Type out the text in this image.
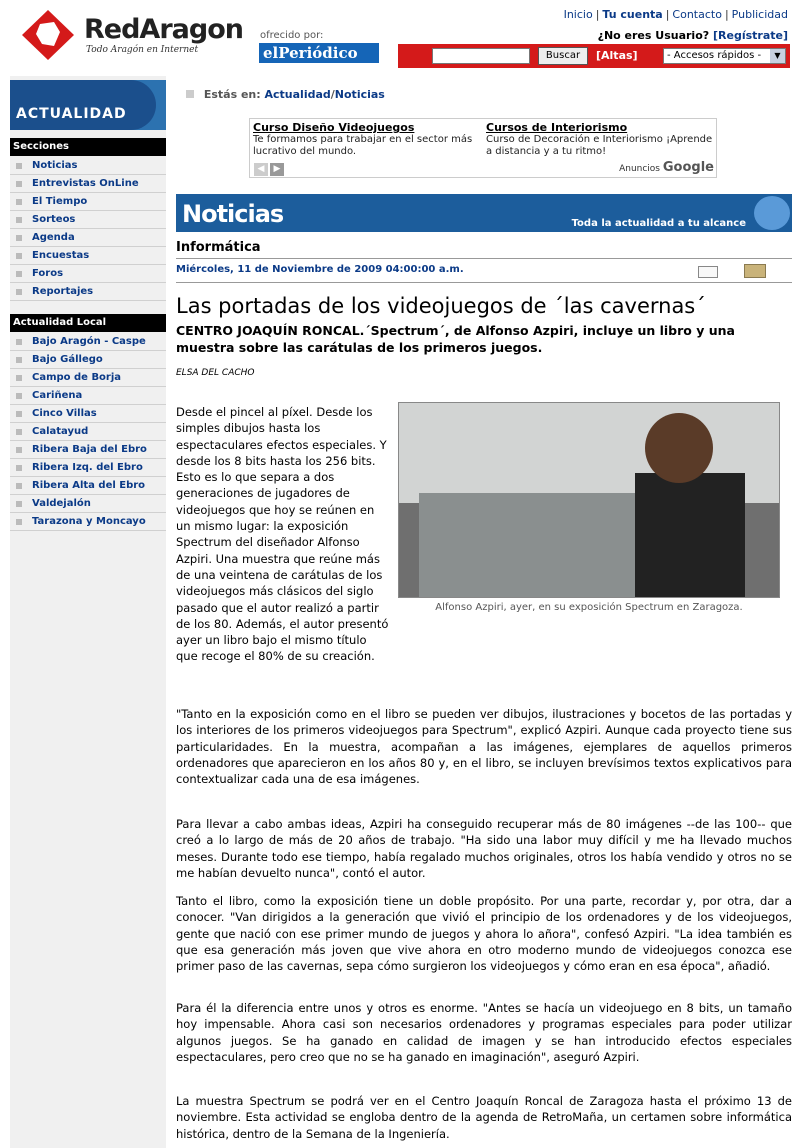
RedAragon
Todo Aragón en Internet
ofrecido por:
elPeriódico
Inicio | Tu cuenta | Contacto | Publicidad
¿No eres Usuario? [Regístrate]
Buscar	[Altas]	- Accesos rápidos -	▼
ACTUALIDAD
Secciones
Noticias
Entrevistas OnLine
El Tiempo
Sorteos
Agenda
Encuestas
Foros
Reportajes
Actualidad Local
Bajo Aragón - Caspe
Bajo Gállego
Campo de Borja
Cariñena
Cinco Villas
Calatayud
Ribera Baja del Ebro
Ribera Izq. del Ebro
Ribera Alta del Ebro
Valdejalón
Tarazona y Moncayo
Estás en: Actualidad/Noticias
Curso Diseño Videojuegos
Te formamos para trabajar en el sector más lucrativo del mundo.
Cursos de Interiorismo
Curso de Decoración e Interiorismo ¡Aprende a distancia y a tu ritmo!
◀ ▶	Anuncios Google
Noticias	Toda la actualidad a tu alcance
Informática
Miércoles, 11 de Noviembre de 2009 04:00:00 a.m.
Las portadas de los videojuegos de ´las cavernas´
CENTRO JOAQUÍN RONCAL.´Spectrum´, de Alfonso Azpiri, incluye un libro y una muestra sobre las carátulas de los primeros juegos.
ELSA DEL CACHO
Alfonso Azpiri, ayer, en su exposición Spectrum en Zaragoza.
Desde el pincel al píxel. Desde los simples dibujos hasta los espectaculares efectos especiales. Y desde los 8 bits hasta los 256 bits. Esto es lo que separa a dos generaciones de jugadores de videojuegos que hoy se reúnen en un mismo lugar: la exposición Spectrum del diseñador Alfonso Azpiri. Una muestra que reúne más de una veintena de carátulas de los videojuegos más clásicos del siglo pasado que el autor realizó a partir de los 80. Además, el autor presentó ayer un libro bajo el mismo título que recoge el 80% de su creación.
"Tanto en la exposición como en el libro se pueden ver dibujos, ilustraciones y bocetos de las portadas y los interiores de los primeros videojuegos para Spectrum", explicó Azpiri. Aunque cada proyecto tiene sus particularidades. En la muestra, acompañan a las imágenes, ejemplares de aquellos primeros ordenadores que aparecieron en los años 80 y, en el libro, se incluyen brevísimos textos explicativos para contextualizar cada una de esa imágenes.
Para llevar a cabo ambas ideas, Azpiri ha conseguido recuperar más de 80 imágenes --de las 100-- que creó a lo largo de más de 20 años de trabajo. "Ha sido una labor muy difícil y me ha llevado muchos meses. Durante todo ese tiempo, había regalado muchos originales, otros los había vendido y otros no se me habían devuelto nunca", contó el autor.
Tanto el libro, como la exposición tiene un doble propósito. Por una parte, recordar y, por otra, dar a conocer. "Van dirigidos a la generación que vivió el principio de los ordenadores y de los videojuegos, gente que nació con ese primer mundo de juegos y ahora lo añora", confesó Azpiri. "La idea también es que esa generación más joven que vive ahora en otro moderno mundo de videojuegos conozca ese primer paso de las cavernas, sepa cómo surgieron los videojuegos y cómo eran en esa época", añadió.
Para él la diferencia entre unos y otros es enorme. "Antes se hacía un videojuego en 8 bits, un tamaño hoy impensable. Ahora casi son necesarios ordenadores y programas especiales para poder utilizar algunos juegos. Se ha ganado en calidad de imagen y se han introducido efectos especiales espectaculares, pero creo que no se ha ganado en imaginación", aseguró Azpiri.
La muestra Spectrum se podrá ver en el Centro Joaquín Roncal de Zaragoza hasta el próximo 13 de noviembre. Esta actividad se engloba dentro de la agenda de RetroMaña, un certamen sobre informática histórica, dentro de la Semana de la Ingeniería.
